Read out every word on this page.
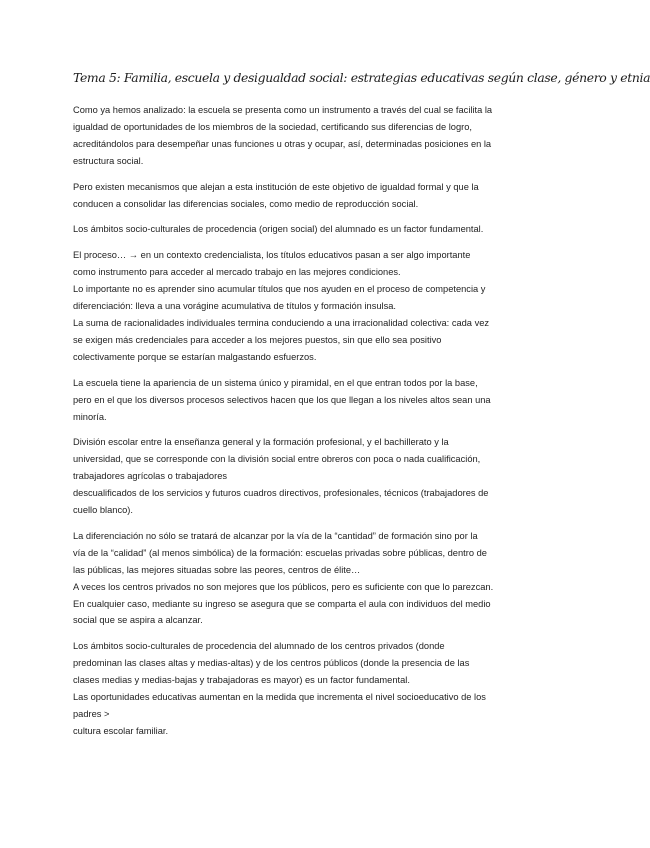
Tema 5: Familia, escuela y desigualdad social: estrategias educativas según clase, género y etnia

Como ya hemos analizado: la escuela se presenta como un instrumento a través del cual se facilita la
igualdad de oportunidades de los miembros de la sociedad, certificando sus diferencias de logro,
acreditándolos para desempeñar unas funciones u otras y ocupar, así, determinadas posiciones en la
estructura social.

Pero existen mecanismos que alejan a esta institución de este objetivo de igualdad formal y que la
conducen a consolidar las diferencias sociales, como medio de reproducción social.

Los ámbitos socio-culturales de procedencia (origen social) del alumnado es un factor fundamental.

El proceso… → en un contexto credencialista, los títulos educativos pasan a ser algo importante
como instrumento para acceder al mercado trabajo en las mejores condiciones.
Lo importante no es aprender sino acumular títulos que nos ayuden en el proceso de competencia y
diferenciación: lleva a una vorágine acumulativa de títulos y formación insulsa.
La suma de racionalidades individuales termina conduciendo a una irracionalidad colectiva: cada vez
se exigen más credenciales para acceder a los mejores puestos, sin que ello sea positivo
colectivamente porque se estarían malgastando esfuerzos.

La escuela tiene la apariencia de un sistema único y piramidal, en el que entran todos por la base,
pero en el que los diversos procesos selectivos hacen que los que llegan a los niveles altos sean una
minoría.

División escolar entre la enseñanza general y la formación profesional, y el bachillerato y la
universidad, que se corresponde con la división social entre obreros con poca o nada cualificación,
trabajadores agrícolas o trabajadores
descualificados de los servicios y futuros cuadros directivos, profesionales, técnicos (trabajadores de
cuello blanco).

La diferenciación no sólo se tratará de alcanzar por la vía de la “cantidad” de formación sino por la
vía de la “calidad” (al menos simbólica) de la formación: escuelas privadas sobre públicas, dentro de
las públicas, las mejores situadas sobre las peores, centros de élite…
A veces los centros privados no son mejores que los públicos, pero es suficiente con que lo parezcan.
En cualquier caso, mediante su ingreso se asegura que se comparta el aula con individuos del medio
social que se aspira a alcanzar.

Los ámbitos socio-culturales de procedencia del alumnado de los centros privados (donde
predominan las clases altas y medias-altas) y de los centros públicos (donde la presencia de las
clases medias y medias-bajas y trabajadoras es mayor) es un factor fundamental.
Las oportunidades educativas aumentan en la medida que incrementa el nivel socioeducativo de los
padres >
cultura escolar familiar.
